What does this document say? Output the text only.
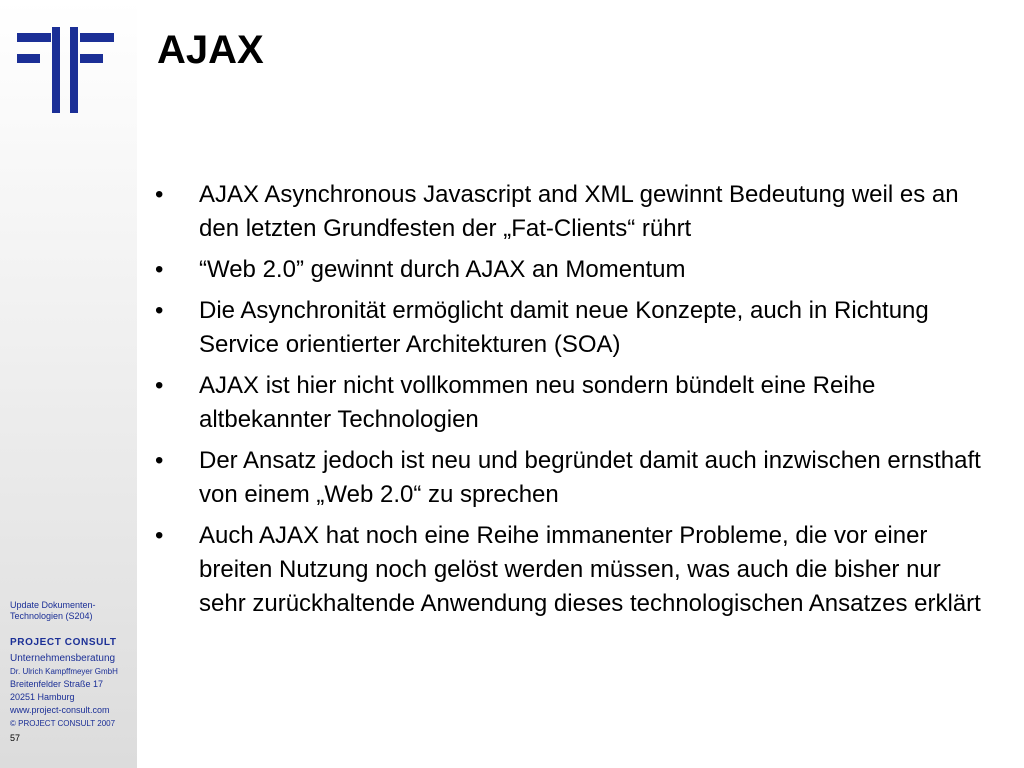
Update Dokumenten-Technologien (S204)
PROJECT CONSULT
Unternehmensberatung
Dr. Ulrich Kampffmeyer GmbH
Breitenfelder Straße 17
20251 Hamburg
www.project-consult.com
© PROJECT CONSULT 2007
57
AJAX
•	AJAX Asynchronous Javascript and XML gewinnt Bedeutung weil es an den letzten Grundfesten der „Fat-Clients“ rührt
•	“Web 2.0” gewinnt durch AJAX an Momentum
•	Die Asynchronität ermöglicht damit neue Konzepte, auch in Richtung Service orientierter Architekturen (SOA)
•	AJAX ist hier nicht vollkommen neu sondern bündelt eine Reihe altbekannter Technologien
•	Der Ansatz jedoch ist neu und begründet damit auch inzwischen ernsthaft von einem „Web 2.0“ zu sprechen
•	Auch AJAX hat noch eine Reihe immanenter Probleme, die vor einer breiten Nutzung noch gelöst werden müssen, was auch die bisher nur sehr zurückhaltende Anwendung dieses technologischen Ansatzes erklärt
